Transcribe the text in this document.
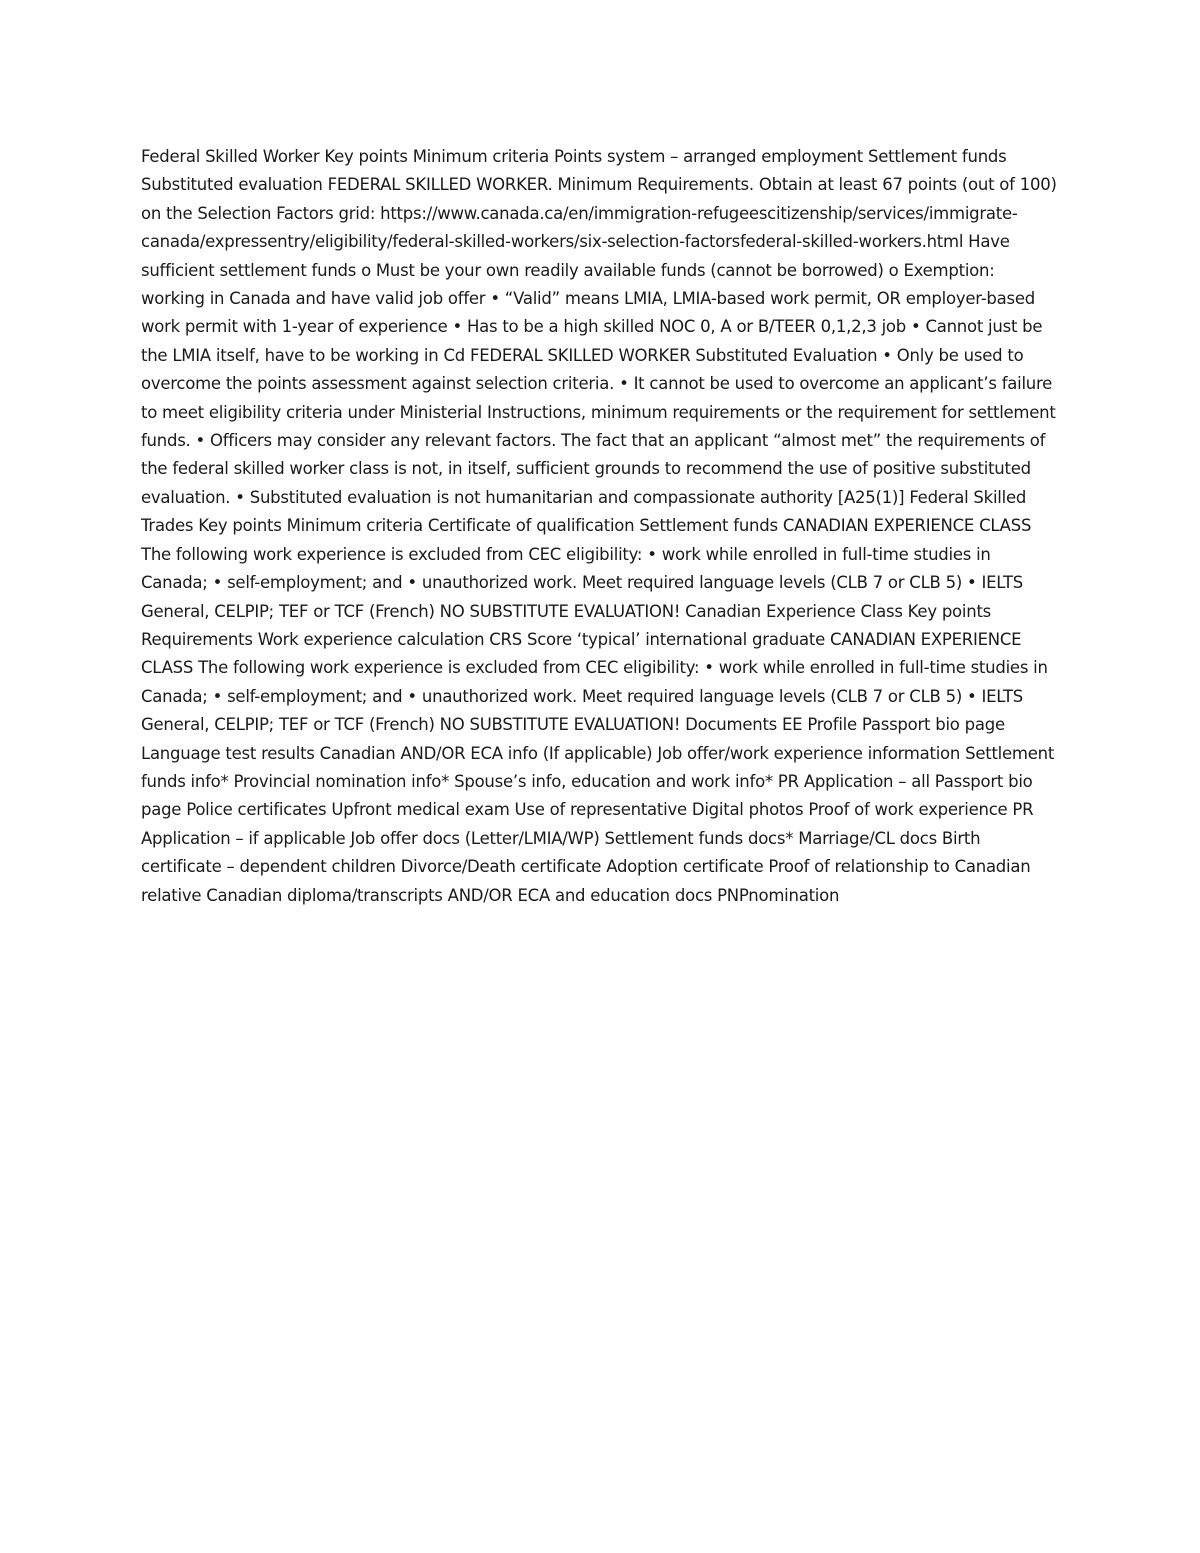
Federal Skilled Worker Key points Minimum criteria Points system – arranged employment Settlement funds Substituted evaluation FEDERAL SKILLED WORKER. Minimum Requirements. Obtain at least 67 points (out of 100) on the Selection Factors grid: https://www.canada.ca/en/immigration-refugeescitizenship/services/immigrate-canada/expressentry/eligibility/federal-skilled-workers/six-selection-factorsfederal-skilled-workers.html Have sufficient settlement funds o Must be your own readily available funds (cannot be borrowed) o Exemption: working in Canada and have valid job offer • “Valid” means LMIA, LMIA-based work permit, OR employer-based work permit with 1-year of experience • Has to be a high skilled NOC 0, A or B/TEER 0,1,2,3 job • Cannot just be the LMIA itself, have to be working in Cd FEDERAL SKILLED WORKER Substituted Evaluation • Only be used to overcome the points assessment against selection criteria. • It cannot be used to overcome an applicant’s failure to meet eligibility criteria under Ministerial Instructions, minimum requirements or the requirement for settlement funds. • Officers may consider any relevant factors. The fact that an applicant “almost met” the requirements of the federal skilled worker class is not, in itself, sufficient grounds to recommend the use of positive substituted evaluation. • Substituted evaluation is not humanitarian and compassionate authority [A25(1)] Federal Skilled Trades Key points Minimum criteria Certificate of qualification Settlement funds CANADIAN EXPERIENCE CLASS The following work experience is excluded from CEC eligibility: • work while enrolled in full-time studies in Canada; • self-employment; and • unauthorized work. Meet required language levels (CLB 7 or CLB 5) • IELTS General, CELPIP; TEF or TCF (French) NO SUBSTITUTE EVALUATION! Canadian Experience Class Key points Requirements Work experience calculation CRS Score ‘typical’ international graduate CANADIAN EXPERIENCE CLASS The following work experience is excluded from CEC eligibility: • work while enrolled in full-time studies in Canada; • self-employment; and • unauthorized work. Meet required language levels (CLB 7 or CLB 5) • IELTS General, CELPIP; TEF or TCF (French) NO SUBSTITUTE EVALUATION! Documents EE Profile Passport bio page Language test results Canadian AND/OR ECA info (If applicable) Job offer/work experience information Settlement funds info* Provincial nomination info* Spouse’s info, education and work info* PR Application – all Passport bio page Police certificates Upfront medical exam Use of representative Digital photos Proof of work experience PR Application – if applicable Job offer docs (Letter/LMIA/WP) Settlement funds docs* Marriage/CL docs Birth certificate – dependent children Divorce/Death certificate Adoption certificate Proof of relationship to Canadian relative Canadian diploma/transcripts AND/OR ECA and education docs PNPnomination
